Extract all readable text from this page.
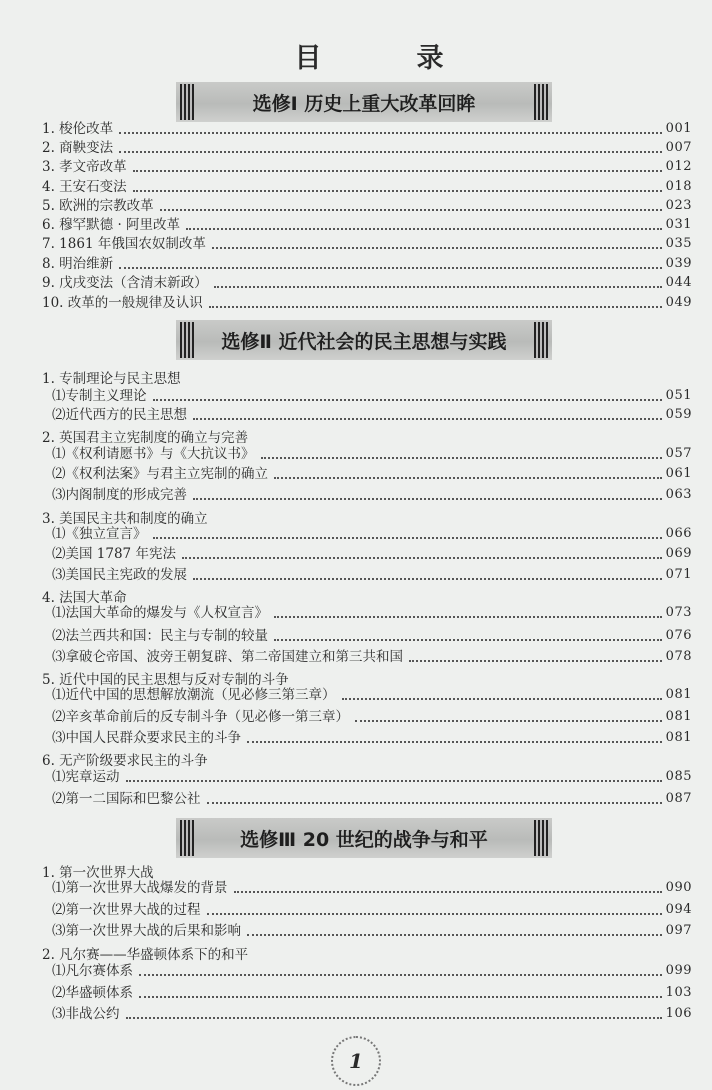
目　录
选修Ⅰ 历史上重大改革回眸
1. 梭伦改革	001
2. 商鞅变法	007
3. 孝文帝改革	012
4. 王安石变法	018
5. 欧洲的宗教改革	023
6. 穆罕默德 · 阿里改革	031
7. 1861 年俄国农奴制改革	035
8. 明治维新	039
9. 戊戌变法（含清末新政）	044
10. 改革的一般规律及认识	049
选修Ⅱ 近代社会的民主思想与实践
1. 专制理论与民主思想
⑴专制主义理论	051
⑵近代西方的民主思想	059
2. 英国君主立宪制度的确立与完善
⑴《权利请愿书》与《大抗议书》	057
⑵《权利法案》与君主立宪制的确立	061
⑶内阁制度的形成完善	063
3. 美国民主共和制度的确立
⑴《独立宣言》	066
⑵美国 1787 年宪法	069
⑶美国民主宪政的发展	071
4. 法国大革命
⑴法国大革命的爆发与《人权宣言》	073
⑵法兰西共和国：民主与专制的较量	076
⑶拿破仑帝国、波旁王朝复辟、第二帝国建立和第三共和国	078
5. 近代中国的民主思想与反对专制的斗争
⑴近代中国的思想解放潮流（见必修三第三章）	081
⑵辛亥革命前后的反专制斗争（见必修一第三章）	081
⑶中国人民群众要求民主的斗争	081
6. 无产阶级要求民主的斗争
⑴宪章运动	085
⑵第一二国际和巴黎公社	087
选修Ⅲ 20 世纪的战争与和平
1. 第一次世界大战
⑴第一次世界大战爆发的背景	090
⑵第一次世界大战的过程	094
⑶第一次世界大战的后果和影响	097
2. 凡尔赛——华盛顿体系下的和平
⑴凡尔赛体系	099
⑵华盛顿体系	103
⑶非战公约	106
1
